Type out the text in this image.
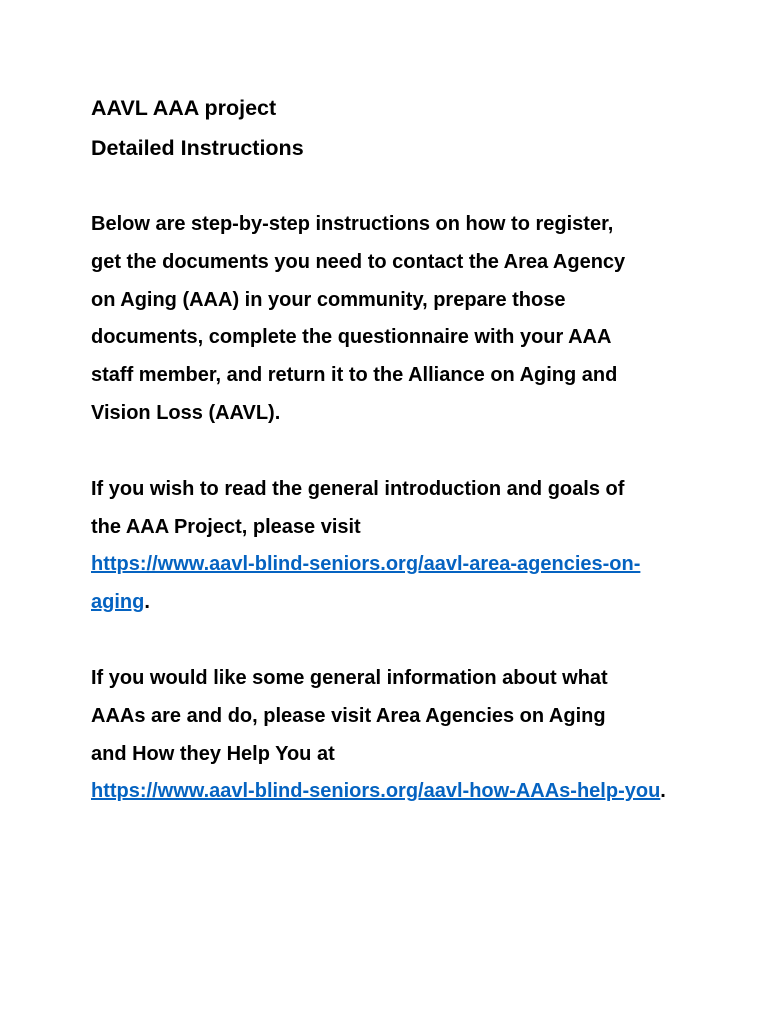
AAVL AAA project

Detailed Instructions

Below are step-by-step instructions on how to register,

get the documents you need to contact the Area Agency

on Aging (AAA) in your community, prepare those

documents, complete the questionnaire with your AAA

staff member, and return it to the Alliance on Aging and

Vision Loss (AAVL).

If you wish to read the general introduction and goals of

the AAA Project, please visit

https://www.aavl-blind-seniors.org/aavl-area-agencies-on-

aging.

If you would like some general information about what

AAAs are and do, please visit Area Agencies on Aging

and How they Help You at

https://www.aavl-blind-seniors.org/aavl-how-AAAs-help-you.
